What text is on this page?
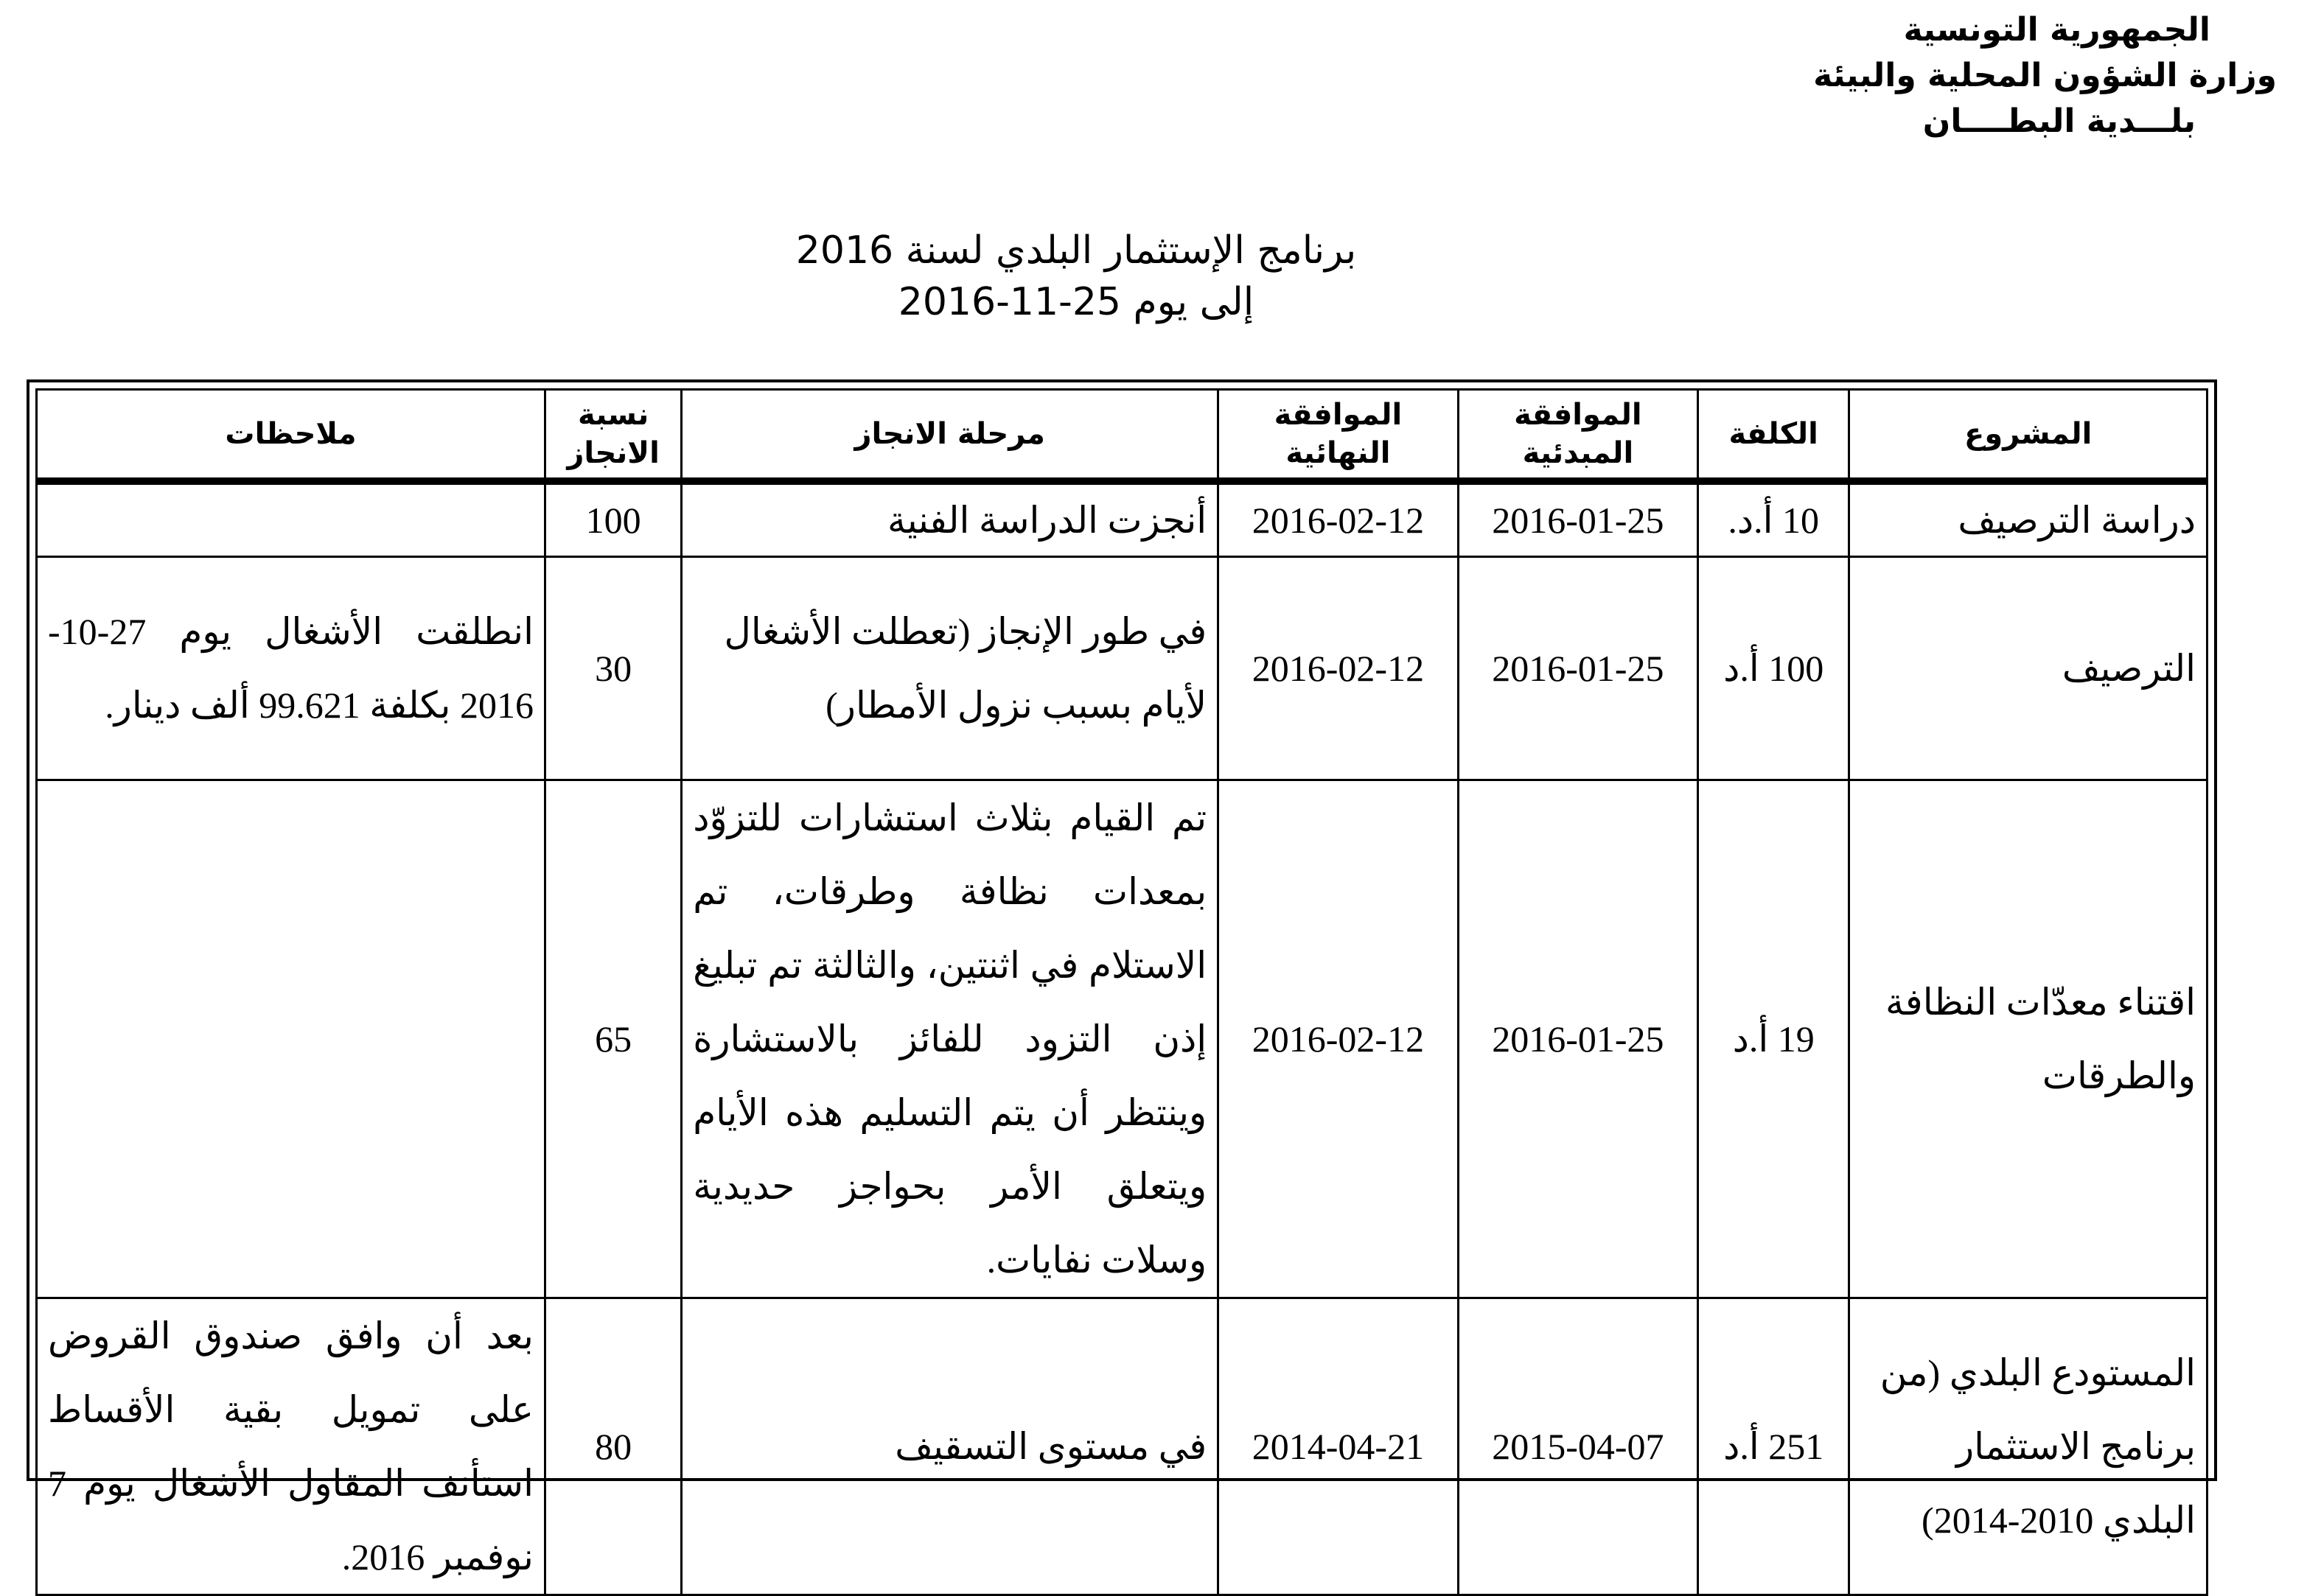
الجمهورية التونسية
وزارة الشؤون المحلية والبيئة
بلـــدية البطــــان
برنامج الإستثمار البلدي لسنة 2016
إلى يوم 25-11-2016
المشروع	الكلفة	الموافقة المبدئية	الموافقة النهائية	مرحلة الانجاز	نسبة الانجاز	ملاحظات
دراسة الترصيف	10 أ.د.	2016-01-25	2016-02-12	أنجزت الدراسة الفنية	100	
الترصيف	100 أ.د	2016-01-25	2016-02-12	في طور الإنجاز (تعطلت الأشغال لأيام بسبب نزول الأمطار)	30	انطلقت الأشغال يوم 27-10-2016 بكلفة 99.621 ألف دينار.
اقتناء معدّات النظافة والطرقات	19 أ.د	2016-01-25	2016-02-12	تم القيام بثلاث استشارات للتزوّد بمعدات نظافة وطرقات، تم الاستلام في اثنتين، والثالثة تم تبليغ إذن التزود للفائز بالاستشارة وينتظر أن يتم التسليم هذه الأيام ويتعلق الأمر بحواجز حديدية وسلات نفايات.	65	
المستودع البلدي (من برنامج الاستثمار البلدي 2010-2014)	251 أ.د	2015-04-07	2014-04-21	في مستوى التسقيف	80	بعد أن وافق صندوق القروض على تمويل بقية الأقساط استأنف المقاول الأشغال يوم 7 نوفمبر 2016.
